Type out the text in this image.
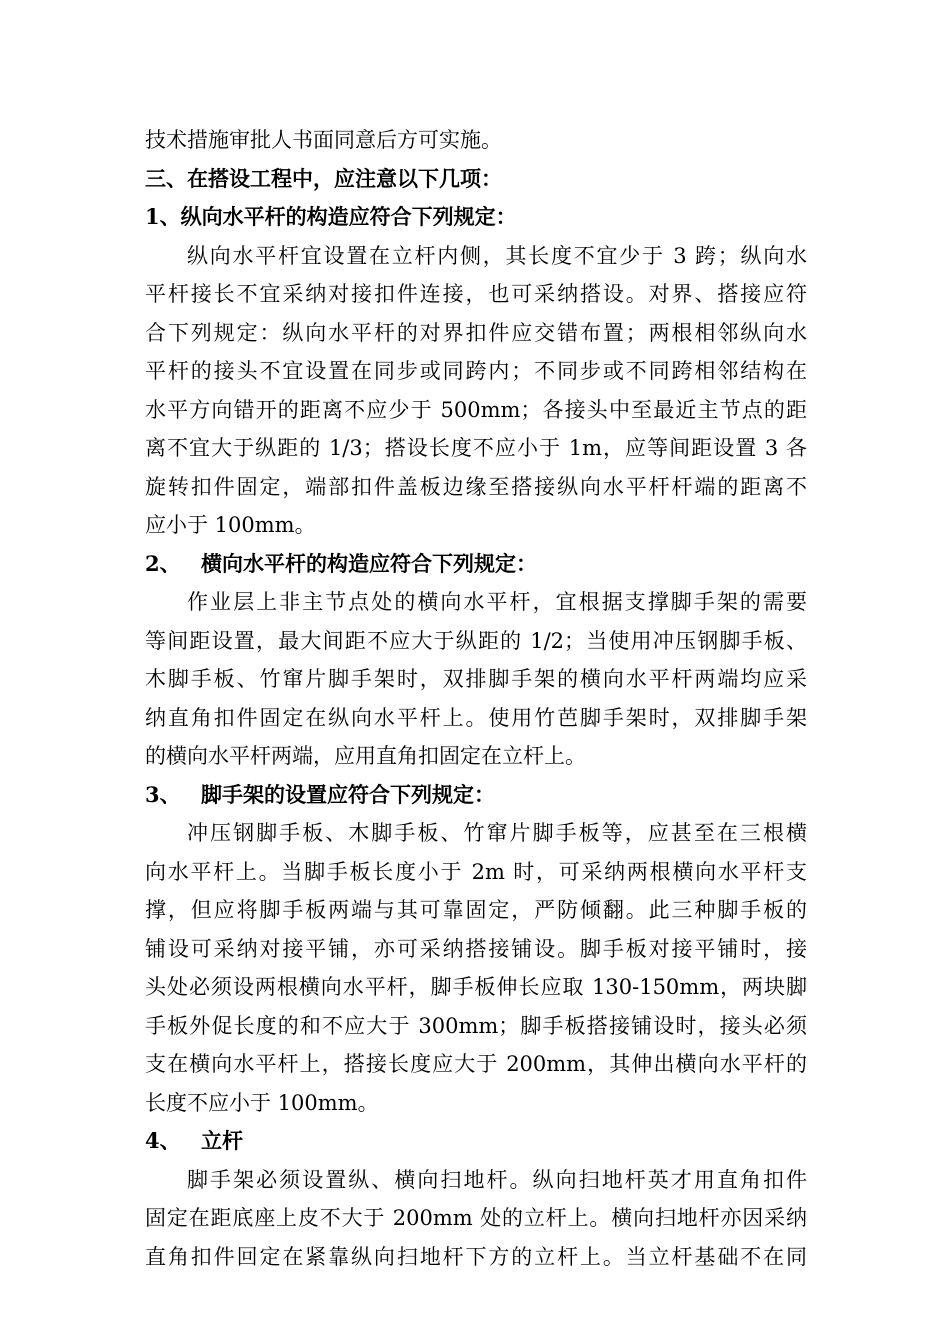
技术措施审批人书面同意后方可实施。
三、在搭设工程中，应注意以下几项：
1、纵向水平杆的构造应符合下列规定：
纵向水平杆宜设置在立杆内侧，其长度不宜少于 3 跨；纵向水
平杆接长不宜采纳对接扣件连接，也可采纳搭设。对界、搭接应符
合下列规定：纵向水平杆的对界扣件应交错布置；两根相邻纵向水
平杆的接头不宜设置在同步或同跨内；不同步或不同跨相邻结构在
水平方向错开的距离不应少于 500mm；各接头中至最近主节点的距
离不宜大于纵距的 1/3；搭设长度不应小于 1m，应等间距设置 3 各
旋转扣件固定，端部扣件盖板边缘至搭接纵向水平杆杆端的距离不
应小于 100mm。
2、 横向水平杆的构造应符合下列规定：
作业层上非主节点处的横向水平杆，宜根据支撑脚手架的需要
等间距设置，最大间距不应大于纵距的 1/2；当使用冲压钢脚手板、
木脚手板、竹窜片脚手架时，双排脚手架的横向水平杆两端均应采
纳直角扣件固定在纵向水平杆上。使用竹芭脚手架时，双排脚手架
的横向水平杆两端，应用直角扣固定在立杆上。
3、 脚手架的设置应符合下列规定：
冲压钢脚手板、木脚手板、竹窜片脚手板等，应甚至在三根横
向水平杆上。当脚手板长度小于 2m 时，可采纳两根横向水平杆支
撑，但应将脚手板两端与其可靠固定，严防倾翻。此三种脚手板的
铺设可采纳对接平铺，亦可采纳搭接铺设。脚手板对接平铺时，接
头处必须设两根横向水平杆，脚手板伸长应取 130-150mm，两块脚
手板外促长度的和不应大于 300mm；脚手板搭接铺设时，接头必须
支在横向水平杆上，搭接长度应大于 200mm，其伸出横向水平杆的
长度不应小于 100mm。
4、 立杆
脚手架必须设置纵、横向扫地杆。纵向扫地杆英才用直角扣件
固定在距底座上皮不大于 200mm 处的立杆上。横向扫地杆亦因采纳
直角扣件回定在紧靠纵向扫地杆下方的立杆上。当立杆基础不在同
